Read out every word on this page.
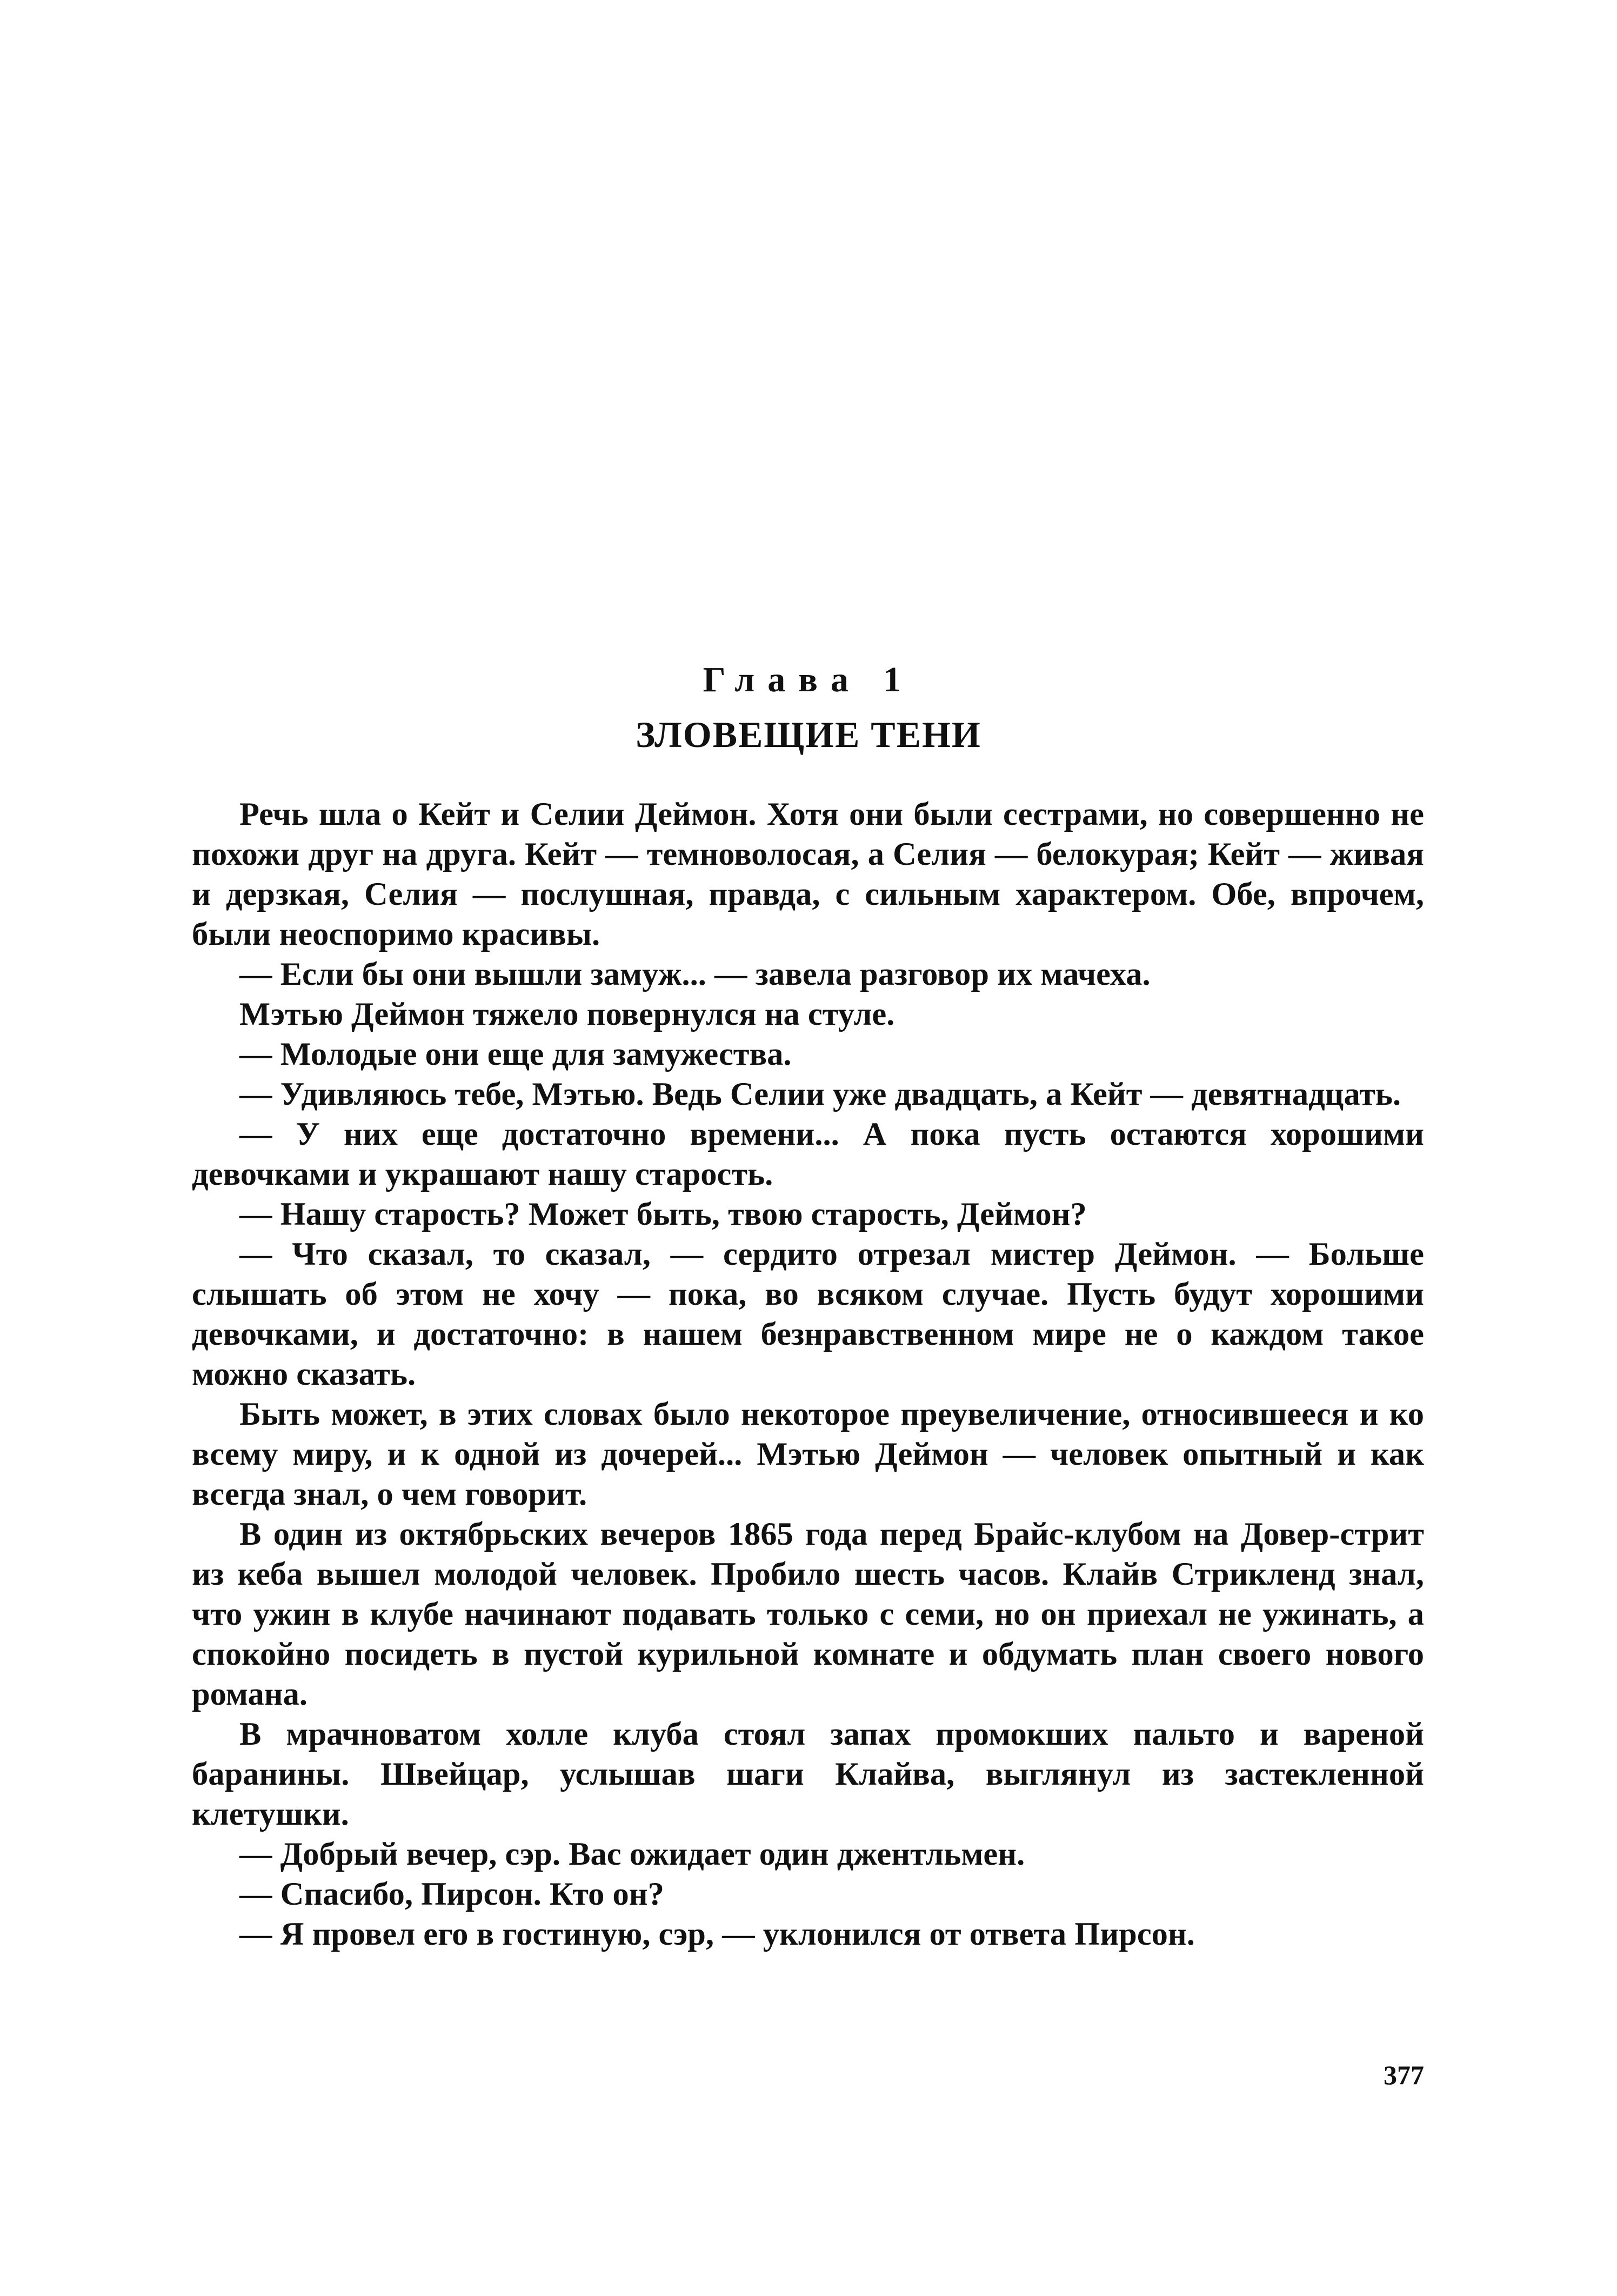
Глава 1
ЗЛОВЕЩИЕ ТЕНИ

Речь шла о Кейт и Селии Деймон. Хотя они были сестрами, но совершенно не похожи друг на друга. Кейт — темноволосая, а Селия — белокурая; Кейт — живая и дерзкая, Селия — послушная, правда, с сильным характером. Обе, впрочем, были неоспоримо красивы.

— Если бы они вышли замуж... — завела разговор их мачеха.

Мэтью Деймон тяжело повернулся на стуле.

— Молодые они еще для замужества.

— Удивляюсь тебе, Мэтью. Ведь Селии уже двадцать, а Кейт — девятнадцать.

— У них еще достаточно времени... А пока пусть остаются хорошими девочками и украшают нашу старость.

— Нашу старость? Может быть, твою старость, Деймон?

— Что сказал, то сказал, — сердито отрезал мистер Деймон. — Больше слышать об этом не хочу — пока, во всяком случае. Пусть будут хорошими девочками, и достаточно: в нашем безнравственном мире не о каждом такое можно сказать.

Быть может, в этих словах было некоторое преувеличение, относившееся и ко всему миру, и к одной из дочерей... Мэтью Деймон — человек опытный и как всегда знал, о чем говорит.

В один из октябрьских вечеров 1865 года перед Брайс-клубом на Довер-стрит из кеба вышел молодой человек. Пробило шесть часов. Клайв Стрикленд знал, что ужин в клубе начинают подавать только с семи, но он приехал не ужинать, а спокойно посидеть в пустой курильной комнате и обдумать план своего нового романа.

В мрачноватом холле клуба стоял запах промокших пальто и вареной баранины. Швейцар, услышав шаги Клайва, выглянул из застекленной клетушки.

— Добрый вечер, сэр. Вас ожидает один джентльмен.

— Спасибо, Пирсон. Кто он?

— Я провел его в гостиную, сэр, — уклонился от ответа Пирсон.

377
